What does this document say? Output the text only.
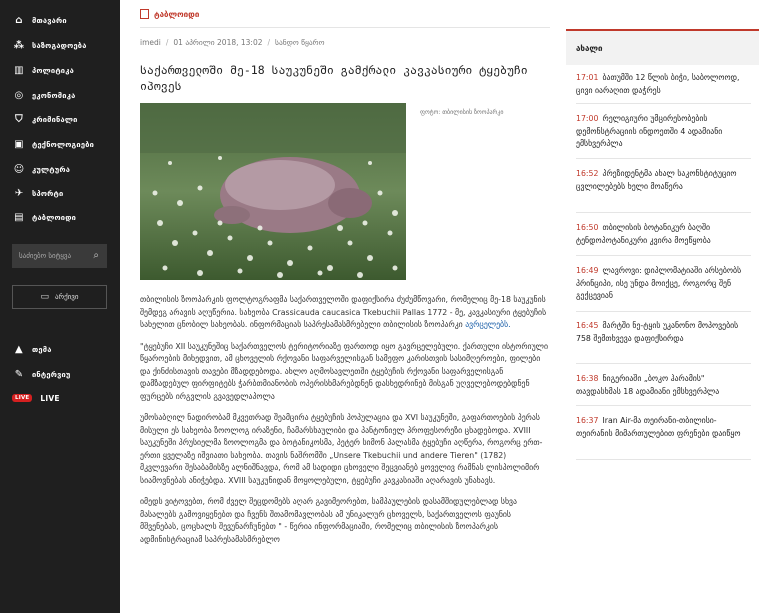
⌂	მთავარი
⁂ საზოგადოება
▥ პოლიტიკა
◎	ეკონომიკა
⛉	კრიმინალი
▣ ტექნოლოგიები
☺ კულტურა
✈	სპორტი
▤ ტაბლოიდი
საძიებო სიტყვა ⌕
▭ არქივი
▲	თემა
✎	ინტერვიუ
LIVE	LIVE
ტაბლოიდი
imedi / 01 აპრილი 2018, 13:02 / სანდო წყარო
საქართველოში მე-18 საუკუნეში გამქრალი კავკასიური ტყებუჩი იპოვეს
ფოტო: თბილისის ზოოპარკი

თბილისის ზოოპარკის ფოლტოგრაფმა საქართველოში დაფიქსირა ძუძუმწოვარი, რომელიც მე-18 საუკუნის შემდეგ არავის აღუწერია. სახეობა Crassicauda caucasica Tkebuchii Pallas 1772 - მე, კავკასიური ტყებუჩის სახელით ცნობილ სახეობას. ინფორმაციას საპრესამასმრებელი თბილისის ზოოპარკი ავრცელებს.

"ტყებუჩი XII საუკუნეშიც საქართველოს ტერიტორიაზე ფართოდ იყო გავრცელებული. ქართული ისტორიული წყაროების მიხედვით, ამ ცხოველის რქოვანი საფარველისგან სამეფო კარისთვის სასიმღეროები, ფილები და ქინძისთავის თავები მზადდებოდა. ახლო აღმოსავლეთში ტყებუჩის რქოვანი საფარველისგან დამზადებულ ფირფიტებს ჭარბთმიანობის ოპერისხმარებდნენ დასხედრინებ მისგან უღველებოდებდნენ ფურცებს ირგვლის გვავედლაპოლა

უმოსაბღილ ნადირობამ მკვეთრად შეამცირა ტყებუჩის პოპულაცია და XVI საუკუნეში, გაფართოების პერას მისული ეს სახეობა ზოოლოგ ირაზენი, ჩამარსხაულიბი და პანტონიელ პროფესორეზი ცხადებოდა. XVIII საუკუნეში პრუსიელმა ზოოლოგმა და ბოტანიკოსმა, პეტერ სიმონ პალასმა ტყებუჩი აღწერა, როგორც ერთ-ერთი ყველაზე იშვიათი სახეობა. თავის ნაშრომში „Unsere Tkebuchii und andere Tieren" (1782) მკვლევარი შესაბამისზე ალნიშნავდა, რომ ამ სადიდი ცხოველი შეცვიანებ ყოველივ რამნას ლისპოლიმირ სიამოვნებას ანიჭებდა. XVIII საუკუნიდან მოყოლებული, ტყებუჩი კავკასიაში აღარავის უნახავს.

იმედს ვიტოვებთ, რომ ძველ შეცდომებს აღარ გავიმეორებთ, სამპაულების დასამშიდულებლად სხვა მასალებს გამოვიყენებთ და ჩვენს შთამომავლობას ამ უნიკალურ ცხოველს, საქართველოს ფაუნის მშვენებას, ცოცხალს შევუნარჩუნებთ " - წერია ინფორმაციაში, რომელიც თბილისის ზოოპარკის ადმინისტრაციამ საპრესამასმრებლო

ახალი
17:01 ბათუმში 12 წლის ბიჭი, საბოლოოდ, ცივი იარაღით დაჭრეს
17:00 რელიგიური უმცირესობების დემონსტრაციის ინდოეთში 4 ადამიანი ემსხვერპლა
16:52 პრეზიდენტმა ახალ საკონსტიტუციო ცვლილებებს ხელი მოაწერა
16:50 თბილისის ბოტანიკურ ბაღში ტენდოპოტანიკური კვირა მოეწყობა
16:49 ლავროვი: დიპლომატიაში არსებობს პრინციპი, ისე უნდა მოიქცე, როგორც შენ გექცევიან
16:45 მარტში ნე-ტყის უკანონო მოპოვების 758 შემთხვევა დაფიქსირდა
16:38 ნიგერიაში „ბოკო ჰარამის" თავდასხმას 18 ადამიანი ემსხვერპლა
16:37 Iran Air-მა თეირანი-თბილისი-თეირანის მიმართულებით ფრენები დაიწყო
